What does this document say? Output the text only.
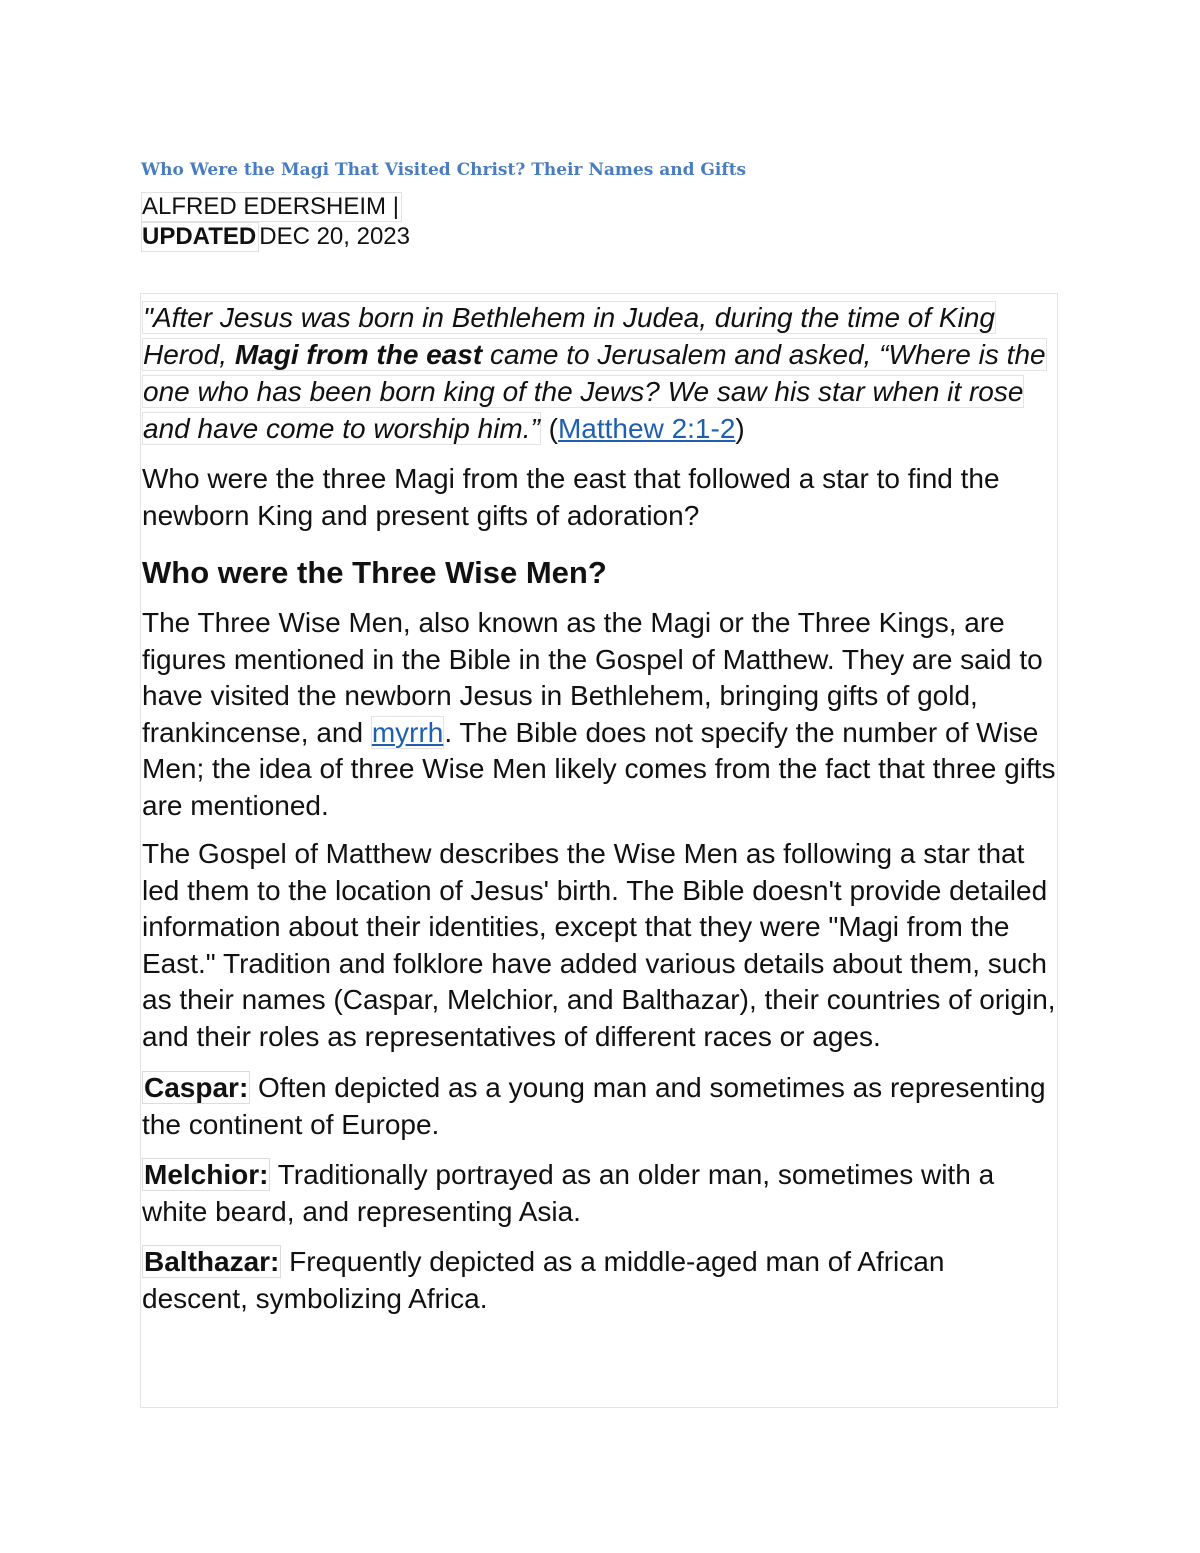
Who Were the Magi That Visited Christ? Their Names and Gifts
ALFRED EDERSHEIM |
UPDATED DEC 20, 2023

"After Jesus was born in Bethlehem in Judea, during the time of King Herod, Magi from the east came to Jerusalem and asked, “Where is the one who has been born king of the Jews? We saw his star when it rose and have come to worship him.” (Matthew 2:1-2)

Who were the three Magi from the east that followed a star to find the newborn King and present gifts of adoration?

Who were the Three Wise Men?

The Three Wise Men, also known as the Magi or the Three Kings, are figures mentioned in the Bible in the Gospel of Matthew. They are said to have visited the newborn Jesus in Bethlehem, bringing gifts of gold, frankincense, and myrrh. The Bible does not specify the number of Wise Men; the idea of three Wise Men likely comes from the fact that three gifts are mentioned.

The Gospel of Matthew describes the Wise Men as following a star that led them to the location of Jesus' birth. The Bible doesn't provide detailed information about their identities, except that they were "Magi from the East." Tradition and folklore have added various details about them, such as their names (Caspar, Melchior, and Balthazar), their countries of origin, and their roles as representatives of different races or ages.

Caspar: Often depicted as a young man and sometimes as representing the continent of Europe.

Melchior: Traditionally portrayed as an older man, sometimes with a white beard, and representing Asia.

Balthazar: Frequently depicted as a middle-aged man of African descent, symbolizing Africa.
